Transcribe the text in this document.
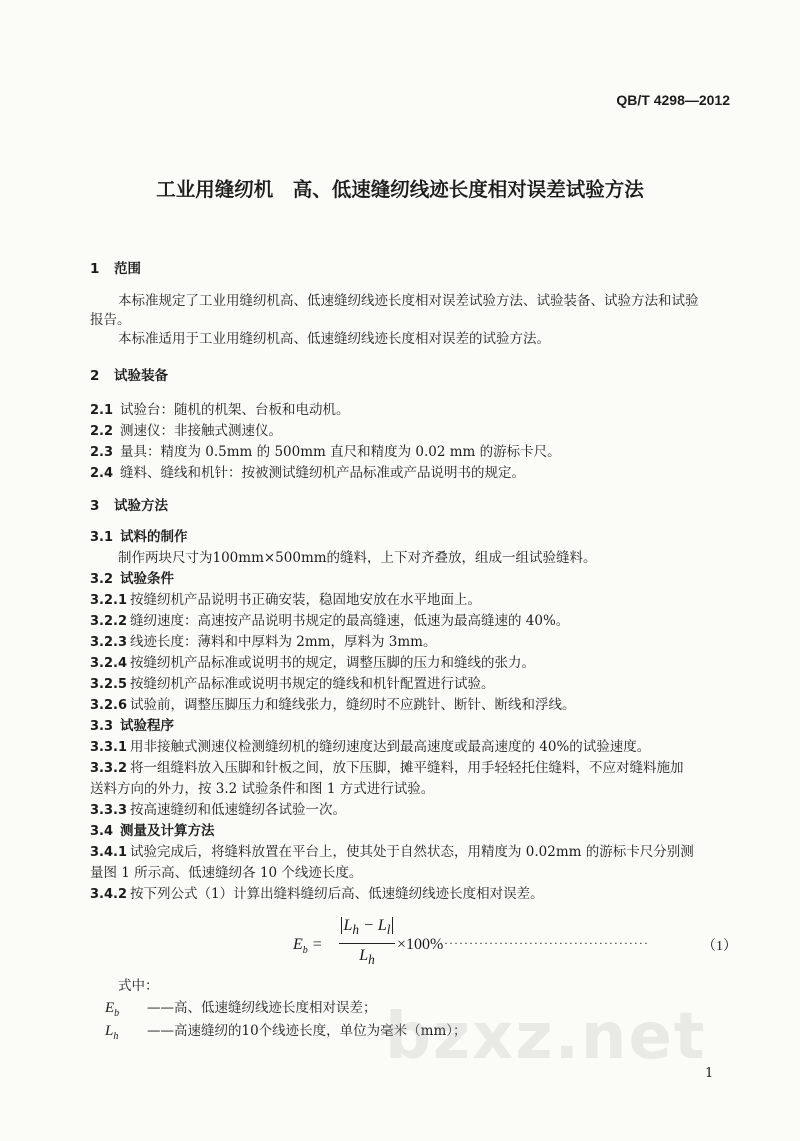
QB/T 4298—2012
工业用缝纫机　高、低速缝纫线迹长度相对误差试验方法
1 范围
本标准规定了工业用缝纫机高、低速缝纫线迹长度相对误差试验方法、试验装备、试验方法和试验
报告。
本标准适用于工业用缝纫机高、低速缝纫线迹长度相对误差的试验方法。
2 试验装备
2.1 试验台：随机的机架、台板和电动机。
2.2 测速仪：非接触式测速仪。
2.3 量具：精度为 0.5mm 的 500mm 直尺和精度为 0.02 mm 的游标卡尺。
2.4 缝料、缝线和机针：按被测试缝纫机产品标准或产品说明书的规定。
3 试验方法
3.1 试料的制作
制作两块尺寸为100mm×500mm的缝料，上下对齐叠放，组成一组试验缝料。
3.2 试验条件
3.2.1 按缝纫机产品说明书正确安装，稳固地安放在水平地面上。
3.2.2 缝纫速度：高速按产品说明书规定的最高缝速，低速为最高缝速的 40%。
3.2.3 线迹长度：薄料和中厚料为 2mm，厚料为 3mm。
3.2.4 按缝纫机产品标准或说明书的规定，调整压脚的压力和缝线的张力。
3.2.5 按缝纫机产品标准或说明书规定的缝线和机针配置进行试验。
3.2.6 试验前，调整压脚压力和缝线张力，缝纫时不应跳针、断针、断线和浮线。
3.3 试验程序
3.3.1 用非接触式测速仪检测缝纫机的缝纫速度达到最高速度或最高速度的 40%的试验速度。
3.3.2 将一组缝料放入压脚和针板之间，放下压脚，摊平缝料，用手轻轻托住缝料，不应对缝料施加
送料方向的外力，按 3.2 试验条件和图 1 方式进行试验。
3.3.3 按高速缝纫和低速缝纫各试验一次。
3.4 测量及计算方法
3.4.1 试验完成后，将缝料放置在平台上，使其处于自然状态，用精度为 0.02mm 的游标卡尺分别测
量图 1 所示高、低速缝纫各 10 个线迹长度。
3.4.2 按下列公式（1）计算出缝料缝纫后高、低速缝纫线迹长度相对误差。
$E_b$ =
$L_h - L_l$
$L_h$
×100%
··········································	（1）
式中：
$E_b$ ——高、低速缝纫线迹长度相对误差；
$L_h$ ——高速缝纫的10个线迹长度，单位为毫米（mm）；
bzxz.net
1
